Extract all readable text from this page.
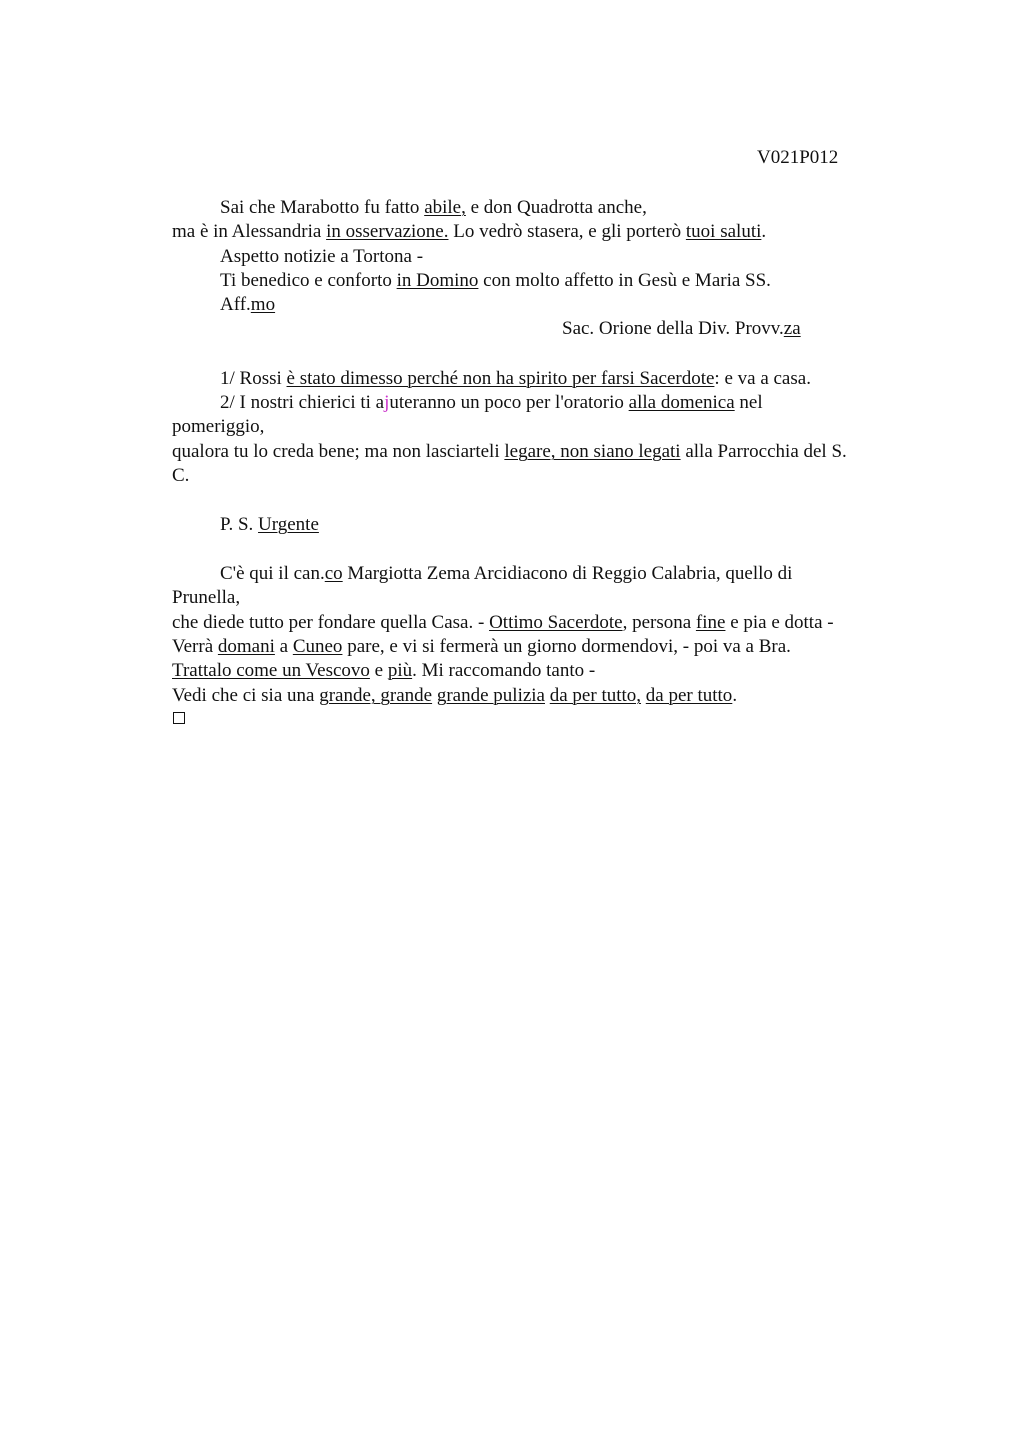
V021P012
Sai che Marabotto fu fatto abile, e don Quadrotta anche,
ma è in Alessandria in osservazione. Lo vedrò stasera, e gli porterò tuoi saluti.
Aspetto notizie a Tortona -
Ti benedico e conforto in Domino con molto affetto in Gesù e Maria SS.
Aff.mo
Sac. Orione della Div. Provv.za
1/ Rossi è stato dimesso perché non ha spirito per farsi Sacerdote: e va a casa.
2/ I nostri chierici ti ajuteranno un poco per l'oratorio alla domenica nel
pomeriggio,
qualora tu lo creda bene; ma non lasciarteli legare, non siano legati alla Parrocchia del S.
C.
P. S. Urgente
C'è qui il can.co Margiotta Zema Arcidiacono di Reggio Calabria, quello di
Prunella,
che diede tutto per fondare quella Casa. - Ottimo Sacerdote, persona fine e pia e dotta -
Verrà domani a Cuneo pare, e vi si fermerà un giorno dormendovi, - poi va a Bra.
Trattalo come un Vescovo e più. Mi raccomando tanto -
Vedi che ci sia una grande, grande grande pulizia da per tutto, da per tutto.
